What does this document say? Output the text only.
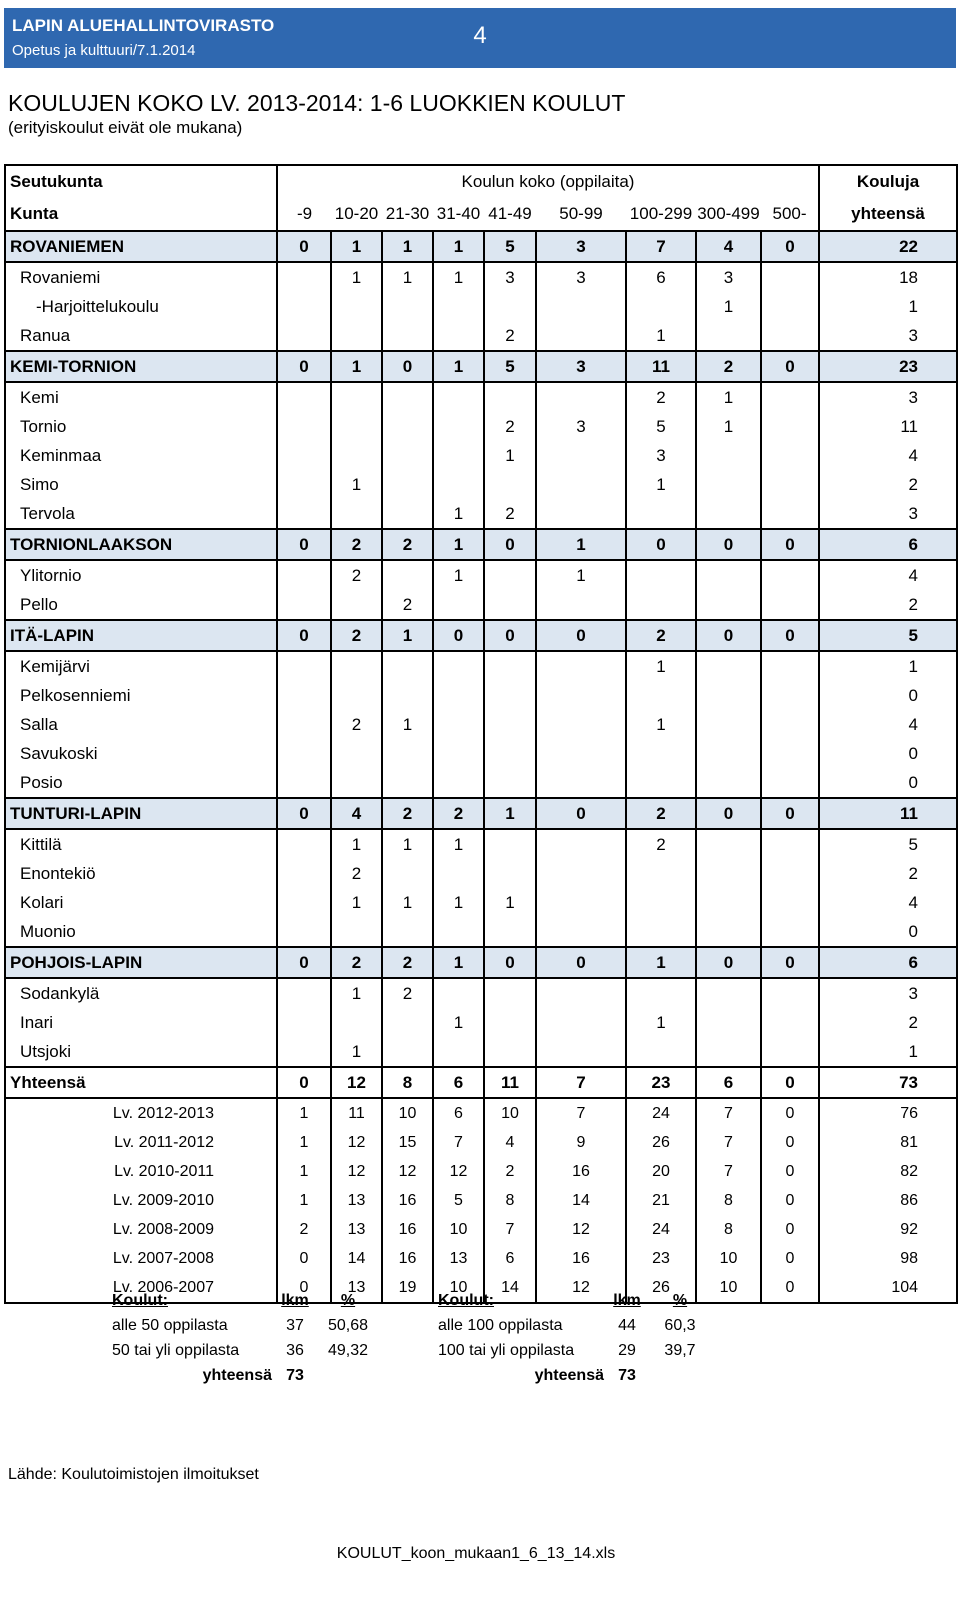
LAPIN ALUEHALLINTOVIRASTO
Opetus ja kulttuuri/7.1.2014
4
KOULUJEN KOKO LV. 2013-2014: 1-6 LUOKKIEN KOULUT
(erityiskoulut eivät ole mukana)
Seutukunta	Koulun koko (oppilaita)									Kouluja
Kunta	-9	10-20	21-30	31-40	41-49	50-99	100-299	300-499	500-	yhteensä
ROVANIEMEN	0	1	1	1	5	3	7	4	0	22
Rovaniemi		1	1	1	3	3	6	3		18
-Harjoittelukoulu								1		1
Ranua					2		1			3
KEMI-TORNION	0	1	0	1	5	3	11	2	0	23
Kemi							2	1		3
Tornio					2	3	5	1		11
Keminmaa					1		3			4
Simo		1					1			2
Tervola				1	2					3
TORNIONLAAKSON	0	2	2	1	0	1	0	0	0	6
Ylitornio		2		1		1				4
Pello			2							2
ITÄ-LAPIN	0	2	1	0	0	0	2	0	0	5
Kemijärvi							1			1
Pelkosenniemi										0
Salla		2	1				1			4
Savukoski										0
Posio										0
TUNTURI-LAPIN	0	4	2	2	1	0	2	0	0	11
Kittilä		1	1	1			2			5
Enontekiö		2								2
Kolari		1	1	1	1					4
Muonio										0
POHJOIS-LAPIN	0	2	2	1	0	0	1	0	0	6
Sodankylä		1	2							3
Inari				1			1			2
Utsjoki		1								1
Yhteensä	0	12	8	6	11	7	23	6	0	73
Lv. 2012-2013	1	11	10	6	10	7	24	7	0	76
Lv. 2011-2012	1	12	15	7	4	9	26	7	0	81
Lv. 2010-2011	1	12	12	12	2	16	20	7	0	82
Lv. 2009-2010	1	13	16	5	8	14	21	8	0	86
Lv. 2008-2009	2	13	16	10	7	12	24	8	0	92
Lv. 2007-2008	0	14	16	13	6	16	23	10	0	98
Lv. 2006-2007	0	13	19	10	14	12	26	10	0	104
Koulut:	lkm	%
alle 50 oppilasta	37	50,68
50 tai yli oppilasta	36	49,32
yhteensä	73	
Koulut:	lkm	%
alle 100 oppilasta	44	60,3
100 tai yli oppilasta	29	39,7
yhteensä	73	
Lähde: Koulutoimistojen ilmoitukset
KOULUT_koon_mukaan1_6_13_14.xls
